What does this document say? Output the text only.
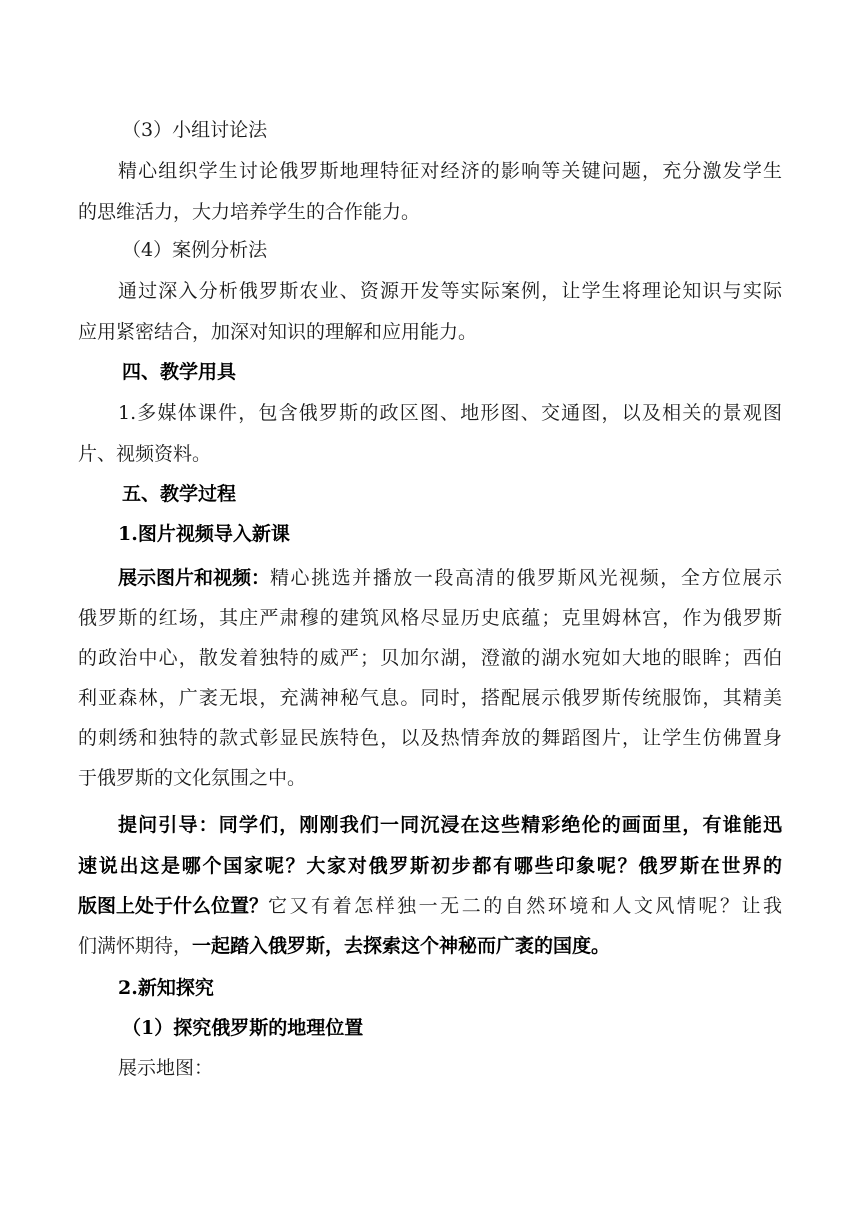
（3）小组讨论法
精心组织学生讨论俄罗斯地理特征对经济的影响等关键问题，充分激发学生
的思维活力，大力培养学生的合作能力。
（4）案例分析法
通过深入分析俄罗斯农业、资源开发等实际案例，让学生将理论知识与实际
应用紧密结合，加深对知识的理解和应用能力。
四、教学用具
1.多媒体课件，包含俄罗斯的政区图、地形图、交通图，以及相关的景观图
片、视频资料。
五、教学过程
1.图片视频导入新课
展示图片和视频： 精心挑选并播放一段高清的俄罗斯风光视频，全方位展示
俄罗斯的红场，其庄严肃穆的建筑风格尽显历史底蕴；克里姆林宫，作为俄罗斯
的政治中心，散发着独特的威严；贝加尔湖，澄澈的湖水宛如大地的眼眸；西伯
利亚森林，广袤无垠，充满神秘气息。同时，搭配展示俄罗斯传统服饰，其精美
的刺绣和独特的款式彰显民族特色，以及热情奔放的舞蹈图片，让学生仿佛置身
于俄罗斯的文化氛围之中。
提问引导：同学们，刚刚我们一同沉浸在这些精彩绝伦的画面里，有谁能迅
速说出这是哪个国家呢？大家对俄罗斯初步都有哪些印象呢？俄罗斯在世界的
版图上处于什么位置？ 它又有着怎样独一无二的自然环境和人文风情呢？让我
们满怀期待，一起踏入俄罗斯，去探索这个神秘而广袤的国度。
2.新知探究
（1）探究俄罗斯的地理位置
展示地图：
